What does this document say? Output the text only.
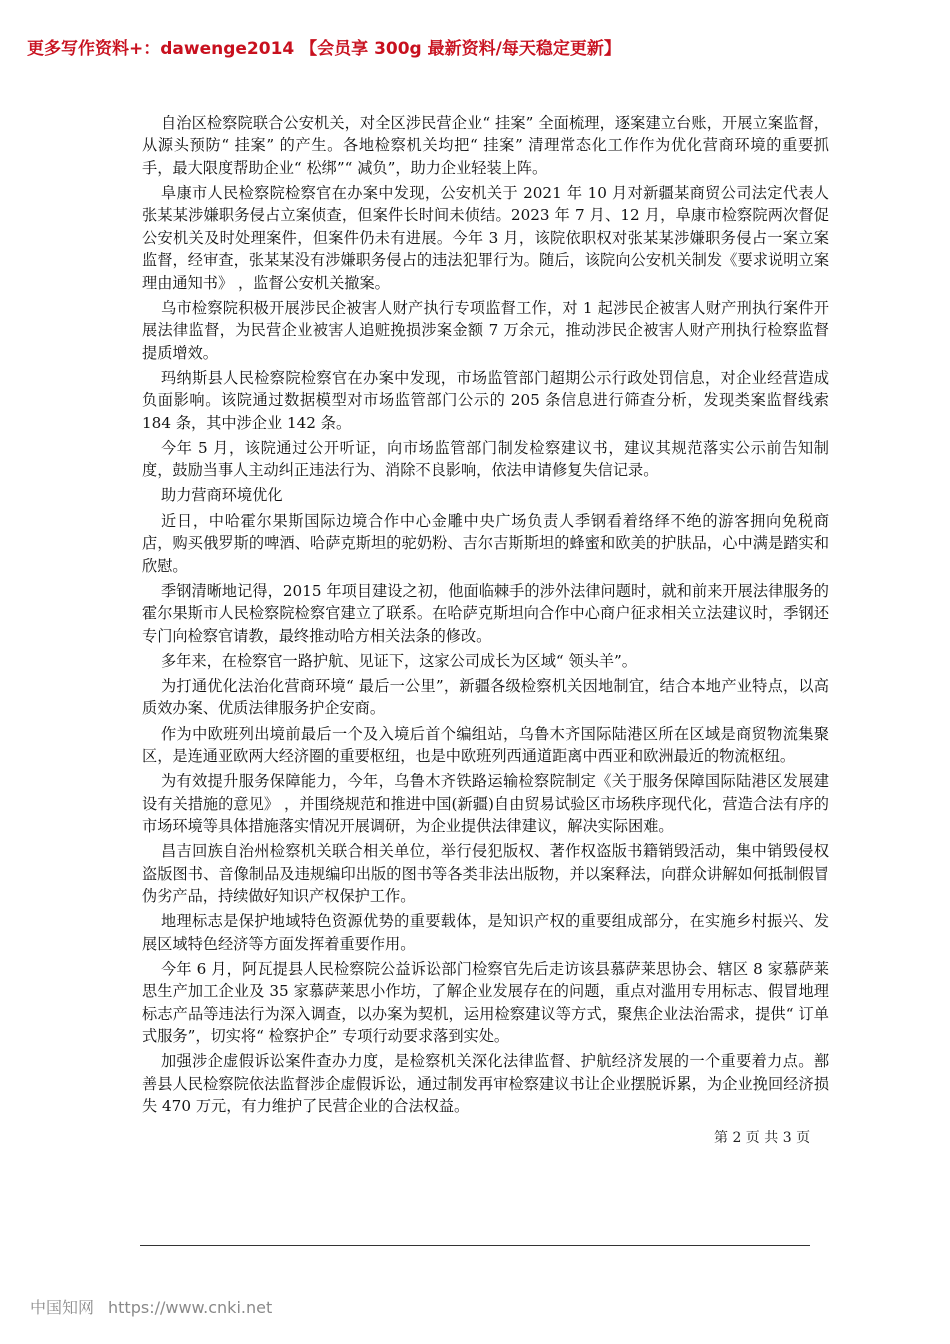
更多写作资料+：dawenge2014 【会员享 300g 最新资料/每天稳定更新】

自治区检察院联合公安机关，对全区涉民营企业“ 挂案” 全面梳理，逐案建立台账，开展立案监督，从源头预防“ 挂案” 的产生。各地检察机关均把“ 挂案” 清理常态化工作作为优化营商环境的重要抓手，最大限度帮助企业“ 松绑”“ 减负”，助力企业轻装上阵。

阜康市人民检察院检察官在办案中发现，公安机关于 2021 年 10 月对新疆某商贸公司法定代表人张某某涉嫌职务侵占立案侦查，但案件长时间未侦结。2023 年 7 月、12 月，阜康市检察院两次督促公安机关及时处理案件，但案件仍未有进展。今年 3 月，该院依职权对张某某涉嫌职务侵占一案立案监督，经审查，张某某没有涉嫌职务侵占的违法犯罪行为。随后，该院向公安机关制发《要求说明立案理由通知书》 ，监督公安机关撤案。

乌市检察院积极开展涉民企被害人财产执行专项监督工作，对 1 起涉民企被害人财产刑执行案件开展法律监督，为民营企业被害人追赃挽损涉案金额 7 万余元，推动涉民企被害人财产刑执行检察监督提质增效。

玛纳斯县人民检察院检察官在办案中发现，市场监管部门超期公示行政处罚信息，对企业经营造成负面影响。该院通过数据模型对市场监管部门公示的 205 条信息进行筛查分析，发现类案监督线索 184 条，其中涉企业 142 条。

今年 5 月，该院通过公开听证，向市场监管部门制发检察建议书，建议其规范落实公示前告知制度，鼓励当事人主动纠正违法行为、消除不良影响，依法申请修复失信记录。

助力营商环境优化

近日，中哈霍尔果斯国际边境合作中心金雕中央广场负责人季钢看着络绎不绝的游客拥向免税商店，购买俄罗斯的啤酒、哈萨克斯坦的驼奶粉、吉尔吉斯斯坦的蜂蜜和欧美的护肤品，心中满是踏实和欣慰。

季钢清晰地记得，2015 年项目建设之初，他面临棘手的涉外法律问题时，就和前来开展法律服务的霍尔果斯市人民检察院检察官建立了联系。在哈萨克斯坦向合作中心商户征求相关立法建议时，季钢还专门向检察官请教，最终推动哈方相关法条的修改。

多年来，在检察官一路护航、见证下，这家公司成长为区域“ 领头羊”。

为打通优化法治化营商环境“ 最后一公里”，新疆各级检察机关因地制宜，结合本地产业特点，以高质效办案、优质法律服务护企安商。

作为中欧班列出境前最后一个及入境后首个编组站，乌鲁木齐国际陆港区所在区域是商贸物流集聚区，是连通亚欧两大经济圈的重要枢纽，也是中欧班列西通道距离中西亚和欧洲最近的物流枢纽。

为有效提升服务保障能力，今年，乌鲁木齐铁路运输检察院制定《关于服务保障国际陆港区发展建设有关措施的意见》 ，并围绕规范和推进中国(新疆)自由贸易试验区市场秩序现代化，营造合法有序的市场环境等具体措施落实情况开展调研，为企业提供法律建议，解决实际困难。

昌吉回族自治州检察机关联合相关单位，举行侵犯版权、著作权盗版书籍销毁活动，集中销毁侵权盗版图书、音像制品及违规编印出版的图书等各类非法出版物，并以案释法，向群众讲解如何抵制假冒伪劣产品，持续做好知识产权保护工作。

地理标志是保护地域特色资源优势的重要载体，是知识产权的重要组成部分，在实施乡村振兴、发展区域特色经济等方面发挥着重要作用。

今年 6 月，阿瓦提县人民检察院公益诉讼部门检察官先后走访该县慕萨莱思协会、辖区 8 家慕萨莱思生产加工企业及 35 家慕萨莱思小作坊，了解企业发展存在的问题，重点对滥用专用标志、假冒地理标志产品等违法行为深入调查，以办案为契机，运用检察建议等方式，聚焦企业法治需求，提供“ 订单式服务”，切实将“ 检察护企” 专项行动要求落到实处。

加强涉企虚假诉讼案件查办力度，是检察机关深化法律监督、护航经济发展的一个重要着力点。鄯善县人民检察院依法监督涉企虚假诉讼，通过制发再审检察建议书让企业摆脱诉累，为企业挽回经济损失 470 万元，有力维护了民营企业的合法权益。

第 2 页 共 3 页
中国知网 https://www.cnki.net
